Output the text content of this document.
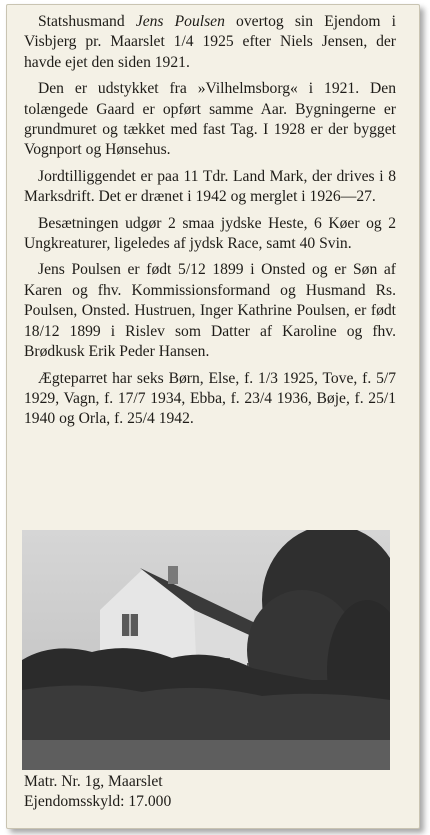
Statshusmand Jens Poulsen overtog sin Ejendom i Visbjerg pr. Maarslet 1/4 1925 efter Niels Jensen, der havde ejet den siden 1921.

Den er udstykket fra »Vilhelmsborg« i 1921. Den tolængede Gaard er opført samme Aar. Bygningerne er grundmuret og tækket med fast Tag. I 1928 er der bygget Vognport og Hønsehus.

Jordtilliggendet er paa 11 Tdr. Land Mark, der drives i 8 Marksdrift. Det er drænet i 1942 og merglet i 1926—27.

Besætningen udgør 2 smaa jydske Heste, 6 Køer og 2 Ungkreaturer, ligeledes af jydsk Race, samt 40 Svin.

Jens Poulsen er født 5/12 1899 i Onsted og er Søn af Karen og fhv. Kommissionsformand og Husmand Rs. Poulsen, Onsted. Hustruen, Inger Kathrine Poulsen, er født 18/12 1899 i Rislev som Datter af Karoline og fhv. Brødkusk Erik Peder Hansen.

Ægteparret har seks Børn, Else, f. 1/3 1925, Tove, f. 5/7 1929, Vagn, f. 17/7 1934, Ebba, f. 23/4 1936, Bøje, f. 25/1 1940 og Orla, f. 25/4 1942.

Matr. Nr. 1g, Maarslet
Ejendomsskyld: 17.000
